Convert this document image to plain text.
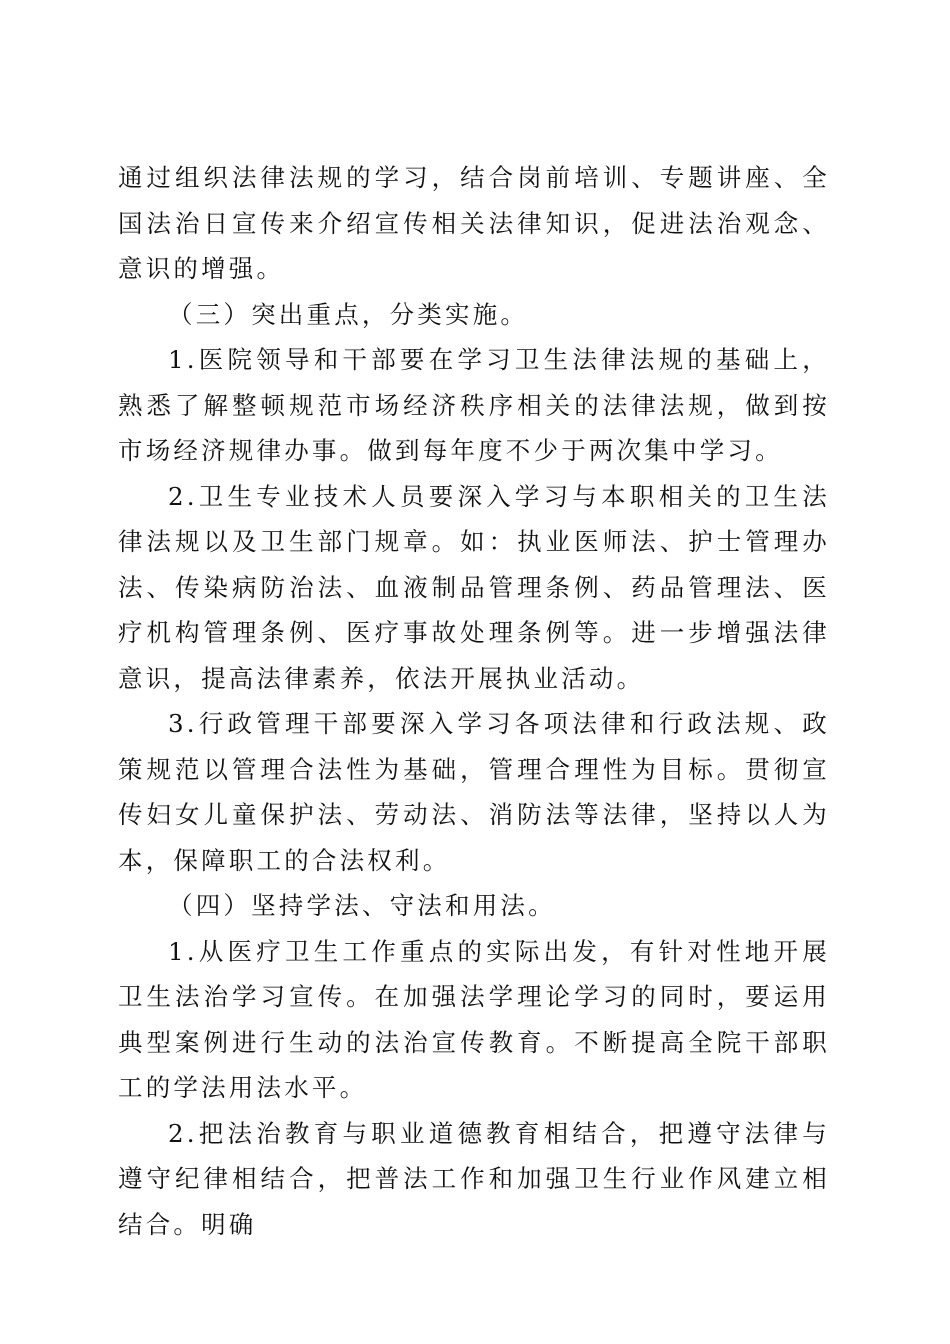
通过组织法律法规的学习，结合岗前培训、专题讲座、全国法治日宣传来介绍宣传相关法律知识，促进法治观念、意识的增强。

（三）突出重点，分类实施。

1.医院领导和干部要在学习卫生法律法规的基础上，熟悉了解整顿规范市场经济秩序相关的法律法规，做到按市场经济规律办事。做到每年度不少于两次集中学习。

2.卫生专业技术人员要深入学习与本职相关的卫生法律法规以及卫生部门规章。如：执业医师法、护士管理办法、传染病防治法、血液制品管理条例、药品管理法、医疗机构管理条例、医疗事故处理条例等。进一步增强法律意识，提高法律素养，依法开展执业活动。

3.行政管理干部要深入学习各项法律和行政法规、政策规范以管理合法性为基础，管理合理性为目标。贯彻宣传妇女儿童保护法、劳动法、消防法等法律，坚持以人为本，保障职工的合法权利。

（四）坚持学法、守法和用法。

1.从医疗卫生工作重点的实际出发，有针对性地开展卫生法治学习宣传。在加强法学理论学习的同时，要运用典型案例进行生动的法治宣传教育。不断提高全院干部职工的学法用法水平。

2.把法治教育与职业道德教育相结合，把遵守法律与遵守纪律相结合，把普法工作和加强卫生行业作风建立相结合。明确
